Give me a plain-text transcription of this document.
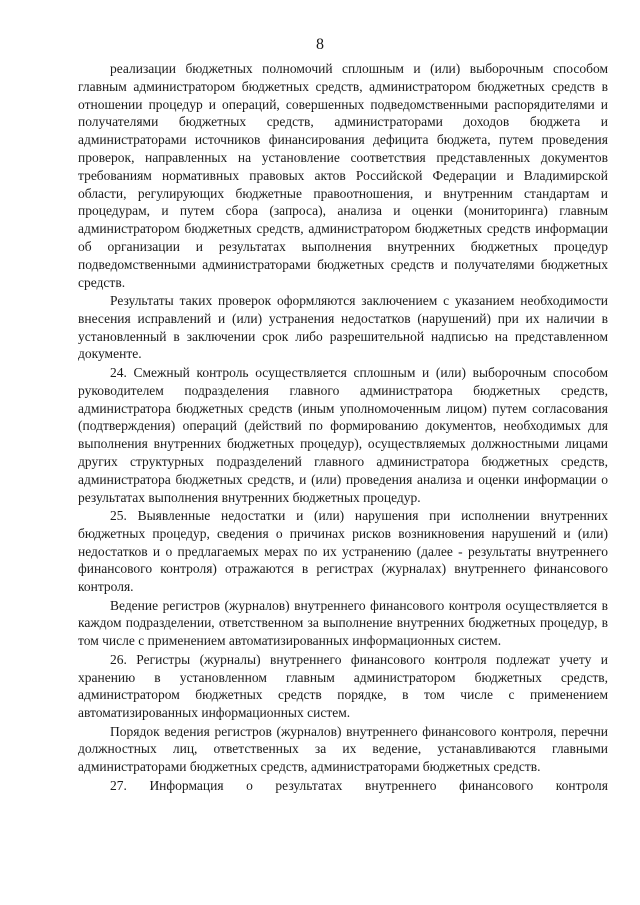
8

реализации бюджетных полномочий сплошным и (или) выборочным способом главным администратором бюджетных средств, администратором бюджетных средств в отношении процедур и операций, совершенных подведомственными распорядителями и получателями бюджетных средств, администраторами доходов бюджета и администраторами источников финансирования дефицита бюджета, путем проведения проверок, направленных на установление соответствия представленных документов требованиям нормативных правовых актов Российской Федерации и Владимирской области, регулирующих бюджетные правоотношения, и внутренним стандартам и процедурам, и путем сбора (запроса), анализа и оценки (мониторинга) главным администратором бюджетных средств, администратором бюджетных средств информации об организации и результатах выполнения внутренних бюджетных процедур подведомственными администраторами бюджетных средств и получателями бюджетных средств.

Результаты таких проверок оформляются заключением с указанием необходимости внесения исправлений и (или) устранения недостатков (нарушений) при их наличии в установленный в заключении срок либо разрешительной надписью на представленном документе.

24. Смежный контроль осуществляется сплошным и (или) выборочным способом руководителем подразделения главного администратора бюджетных средств, администратора бюджетных средств (иным уполномоченным лицом) путем согласования (подтверждения) операций (действий по формированию документов, необходимых для выполнения внутренних бюджетных процедур), осуществляемых должностными лицами других структурных подразделений главного администратора бюджетных средств, администратора бюджетных средств, и (или) проведения анализа и оценки информации о результатах выполнения внутренних бюджетных процедур.

25. Выявленные недостатки и (или) нарушения при исполнении внутренних бюджетных процедур, сведения о причинах рисков возникновения нарушений и (или) недостатков и о предлагаемых мерах по их устранению (далее - результаты внутреннего финансового контроля) отражаются в регистрах (журналах) внутреннего финансового контроля.

Ведение регистров (журналов) внутреннего финансового контроля осуществляется в каждом подразделении, ответственном за выполнение внутренних бюджетных процедур, в том числе с применением автоматизированных информационных систем.

26. Регистры (журналы) внутреннего финансового контроля подлежат учету и хранению в установленном главным администратором бюджетных средств, администратором бюджетных средств порядке, в том числе с применением автоматизированных информационных систем.

Порядок ведения регистров (журналов) внутреннего финансового контроля, перечни должностных лиц, ответственных за их ведение, устанавливаются главными администраторами бюджетных средств, администраторами бюджетных средств.

27. Информация о результатах внутреннего финансового контроля
